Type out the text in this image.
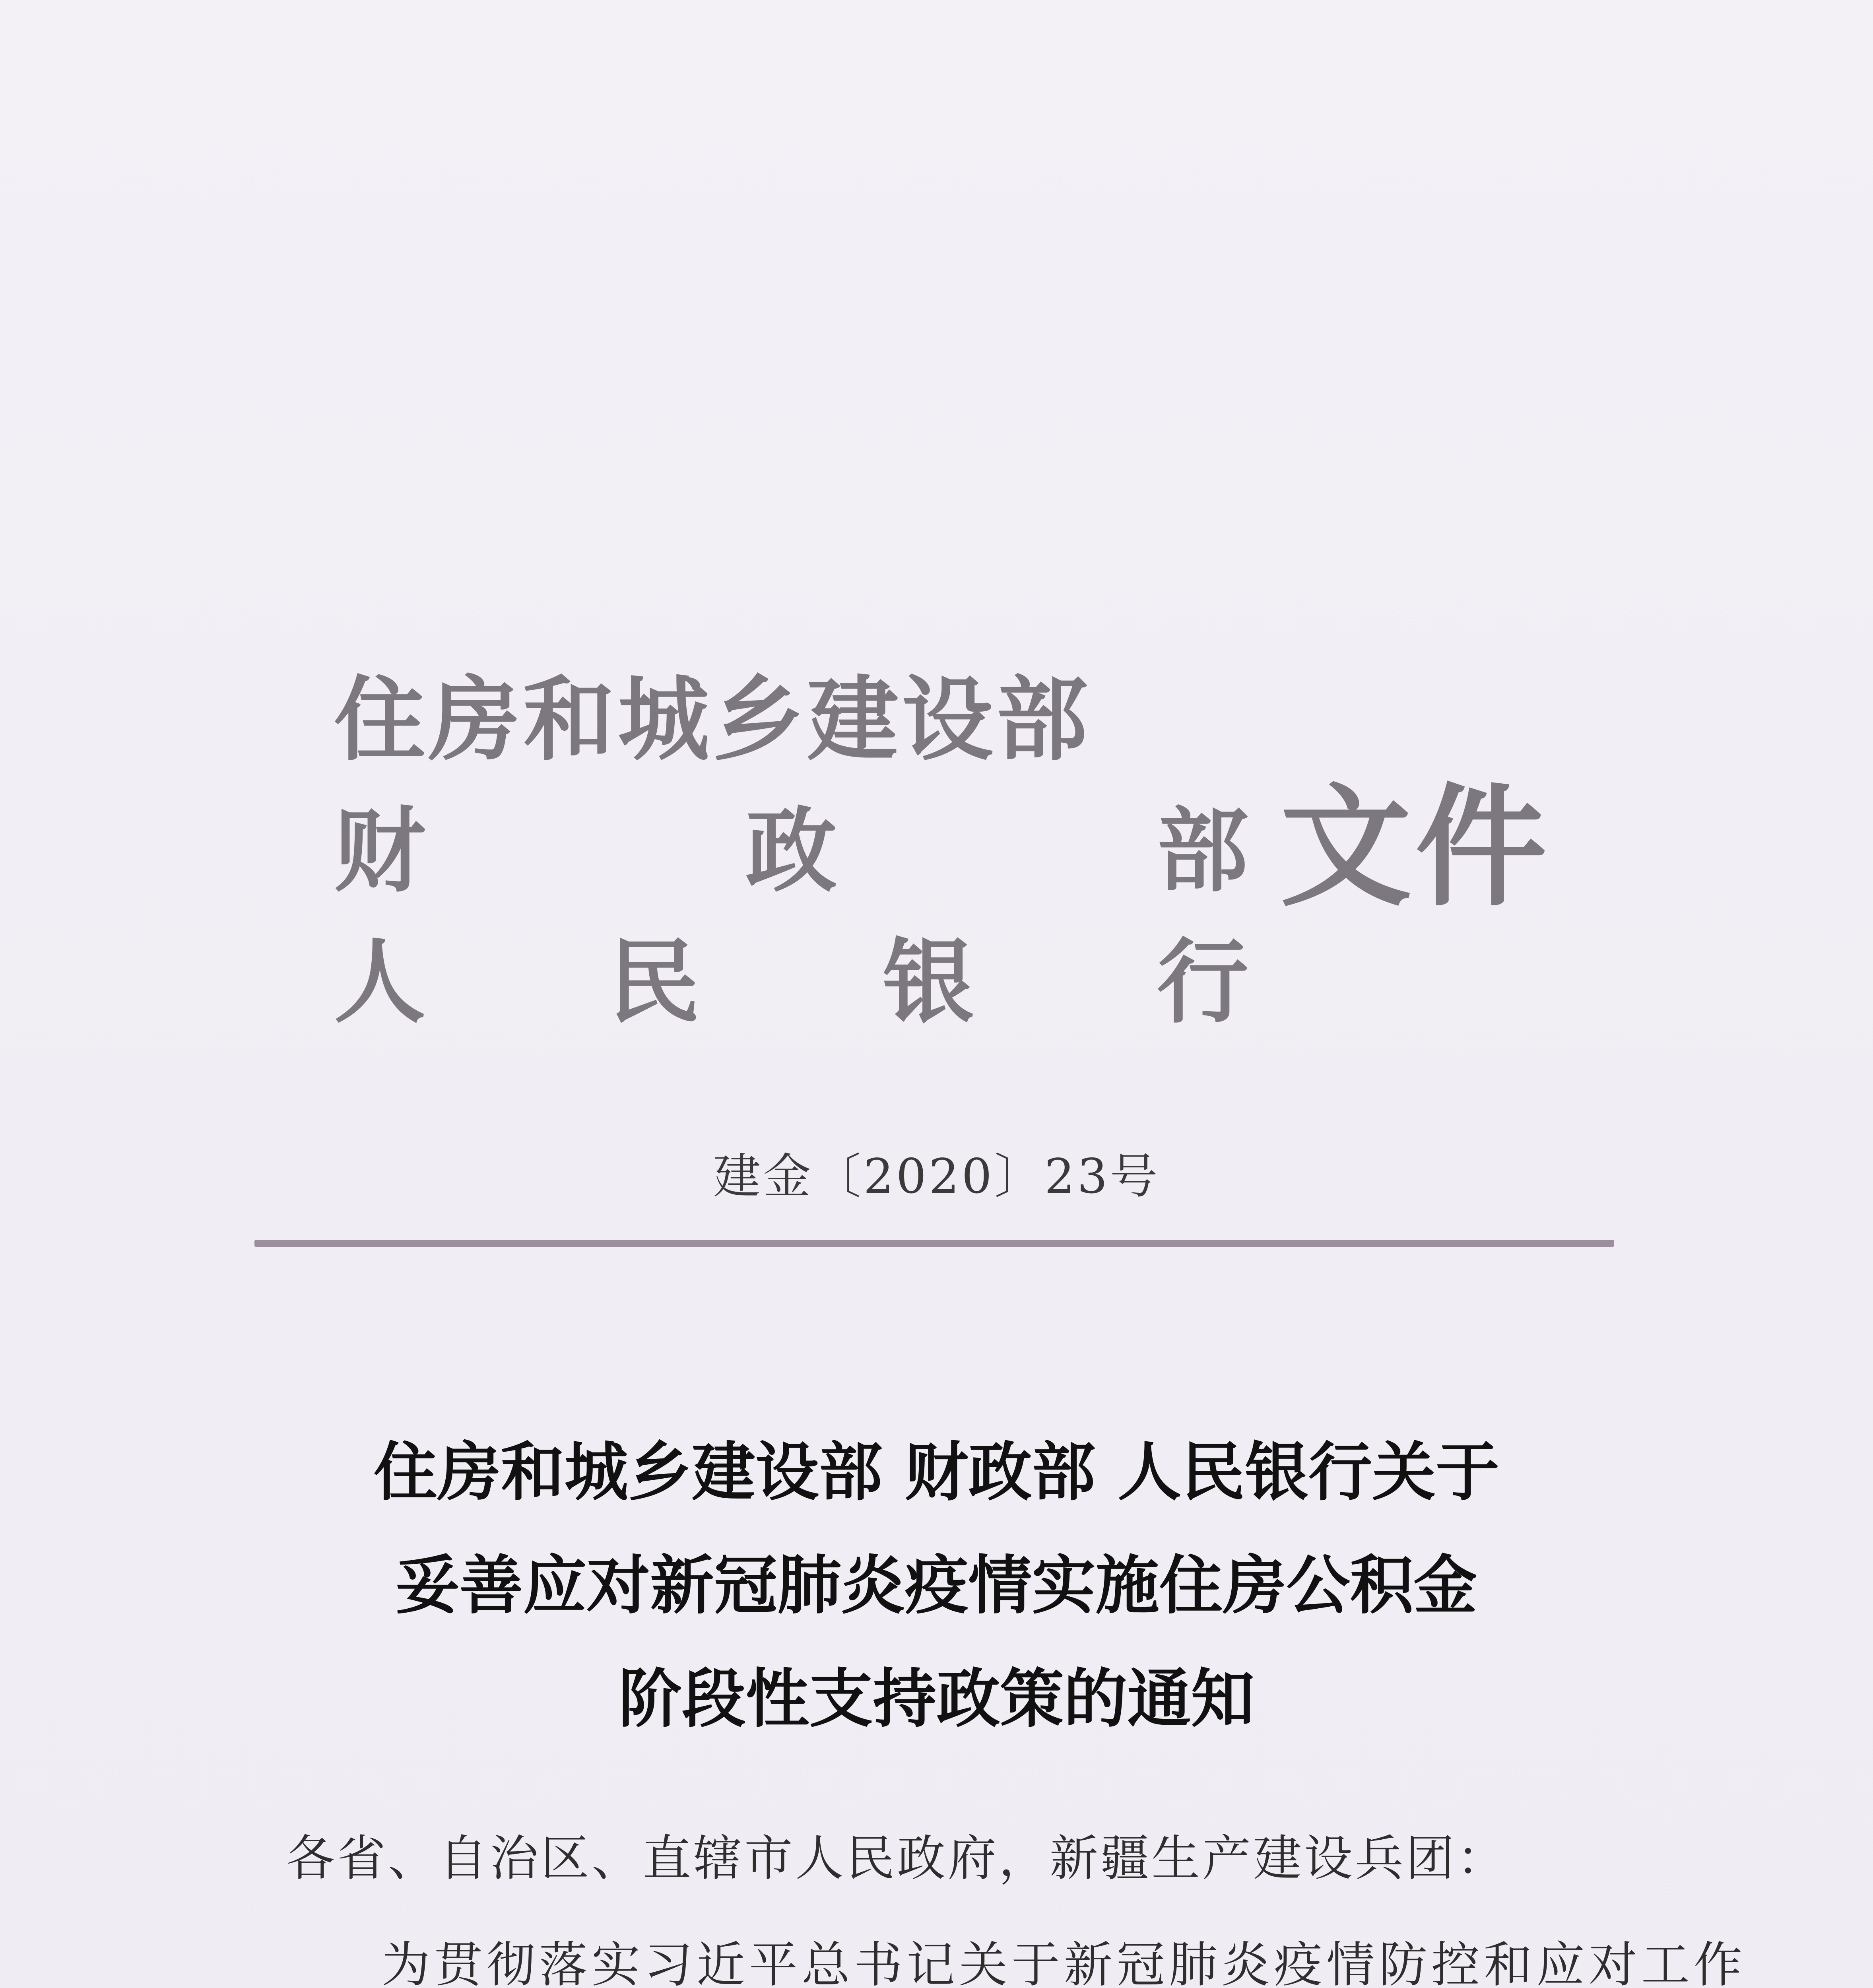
住房和城乡建设部
财	政	部
人 民 银 行
文件
建金〔2020〕23号
住房和城乡建设部 财政部 人民银行关于
妥善应对新冠肺炎疫情实施住房公积金
阶段性支持政策的通知
各省、自治区、直辖市人民政府，新疆生产建设兵团：
为贯彻落实习近平总书记关于新冠肺炎疫情防控和应对工作
